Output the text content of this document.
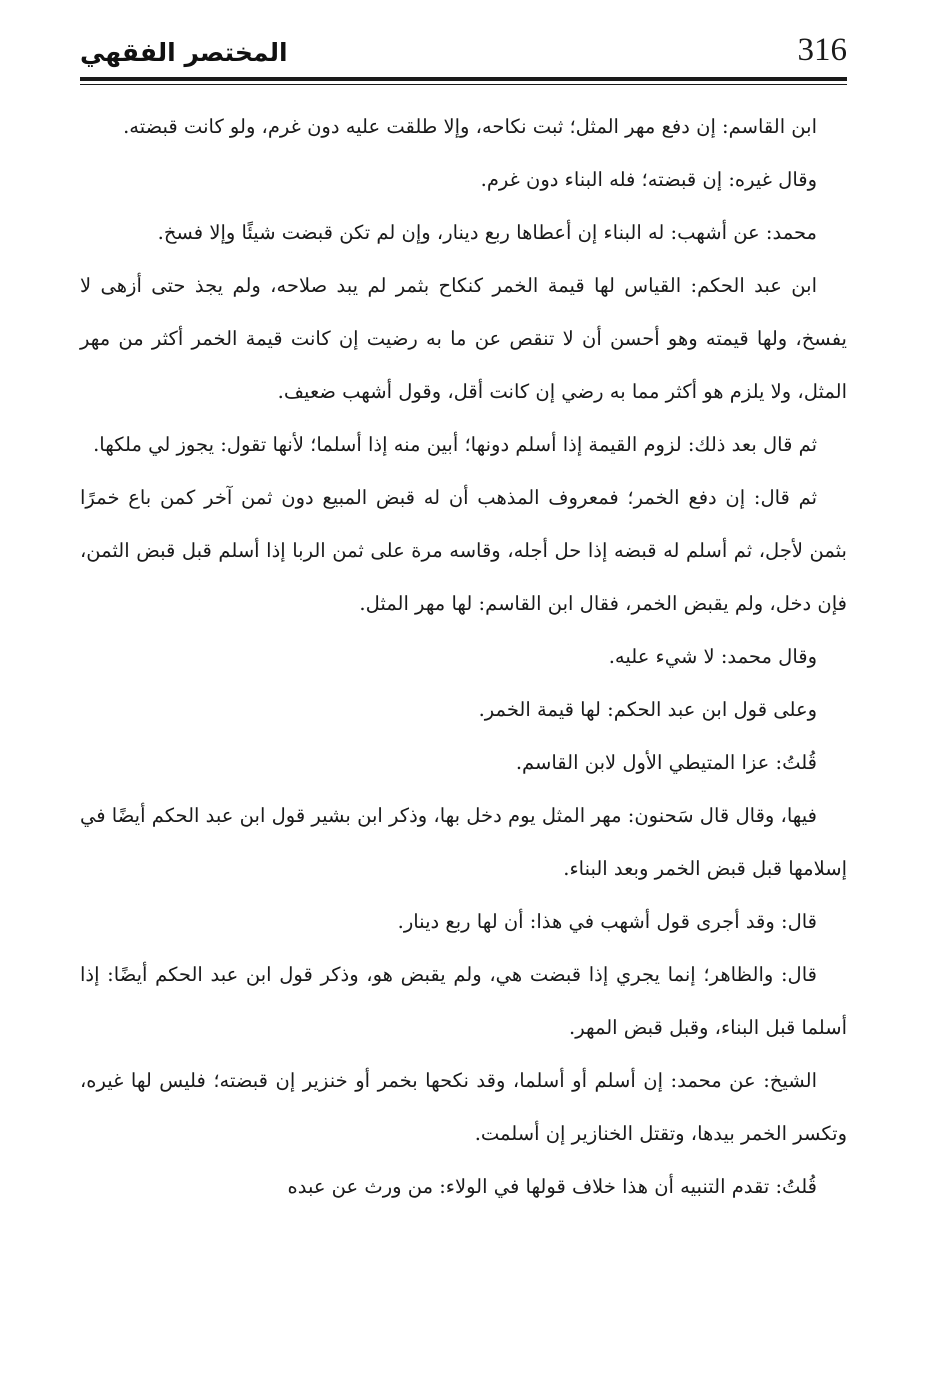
316
المختصر الفقهي

ابن القاسم: إن دفع مهر المثل؛ ثبت نكاحه، وإلا طلقت عليه دون غرم، ولو كانت قبضته.

وقال غيره: إن قبضته؛ فله البناء دون غرم.

محمد: عن أشهب: له البناء إن أعطاها ربع دينار، وإن لم تكن قبضت شيئًا وإلا فسخ.

ابن عبد الحكم: القياس لها قيمة الخمر كنكاح بثمر لم يبد صلاحه، ولم يجذ حتى أزهى لا يفسخ، ولها قيمته وهو أحسن أن لا تنقص عن ما به رضيت إن كانت قيمة الخمر أكثر من مهر المثل، ولا يلزم هو أكثر مما به رضي إن كانت أقل، وقول أشهب ضعيف.

ثم قال بعد ذلك: لزوم القيمة إذا أسلم دونها؛ أبين منه إذا أسلما؛ لأنها تقول: يجوز لي ملكها.

ثم قال: إن دفع الخمر؛ فمعروف المذهب أن له قبض المبيع دون ثمن آخر كمن باع خمرًا بثمن لأجل، ثم أسلم له قبضه إذا حل أجله، وقاسه مرة على ثمن الربا إذا أسلم قبل قبض الثمن، فإن دخل، ولم يقبض الخمر، فقال ابن القاسم: لها مهر المثل.

وقال محمد: لا شيء عليه.

وعلى قول ابن عبد الحكم: لها قيمة الخمر.

قُلتُ: عزا المتيطي الأول لابن القاسم.

فيها، وقال قال سَحنون: مهر المثل يوم دخل بها، وذكر ابن بشير قول ابن عبد الحكم أيضًا في إسلامها قبل قبض الخمر وبعد البناء.

قال: وقد أجرى قول أشهب في هذا: أن لها ربع دينار.

قال: والظاهر؛ إنما يجري إذا قبضت هي، ولم يقبض هو، وذكر قول ابن عبد الحكم أيضًا: إذا أسلما قبل البناء، وقبل قبض المهر.

الشيخ: عن محمد: إن أسلم أو أسلما، وقد نكحها بخمر أو خنزير إن قبضته؛ فليس لها غيره، وتكسر الخمر بيدها، وتقتل الخنازير إن أسلمت.

قُلتُ: تقدم التنبيه أن هذا خلاف قولها في الولاء: من ورث عن عبده
